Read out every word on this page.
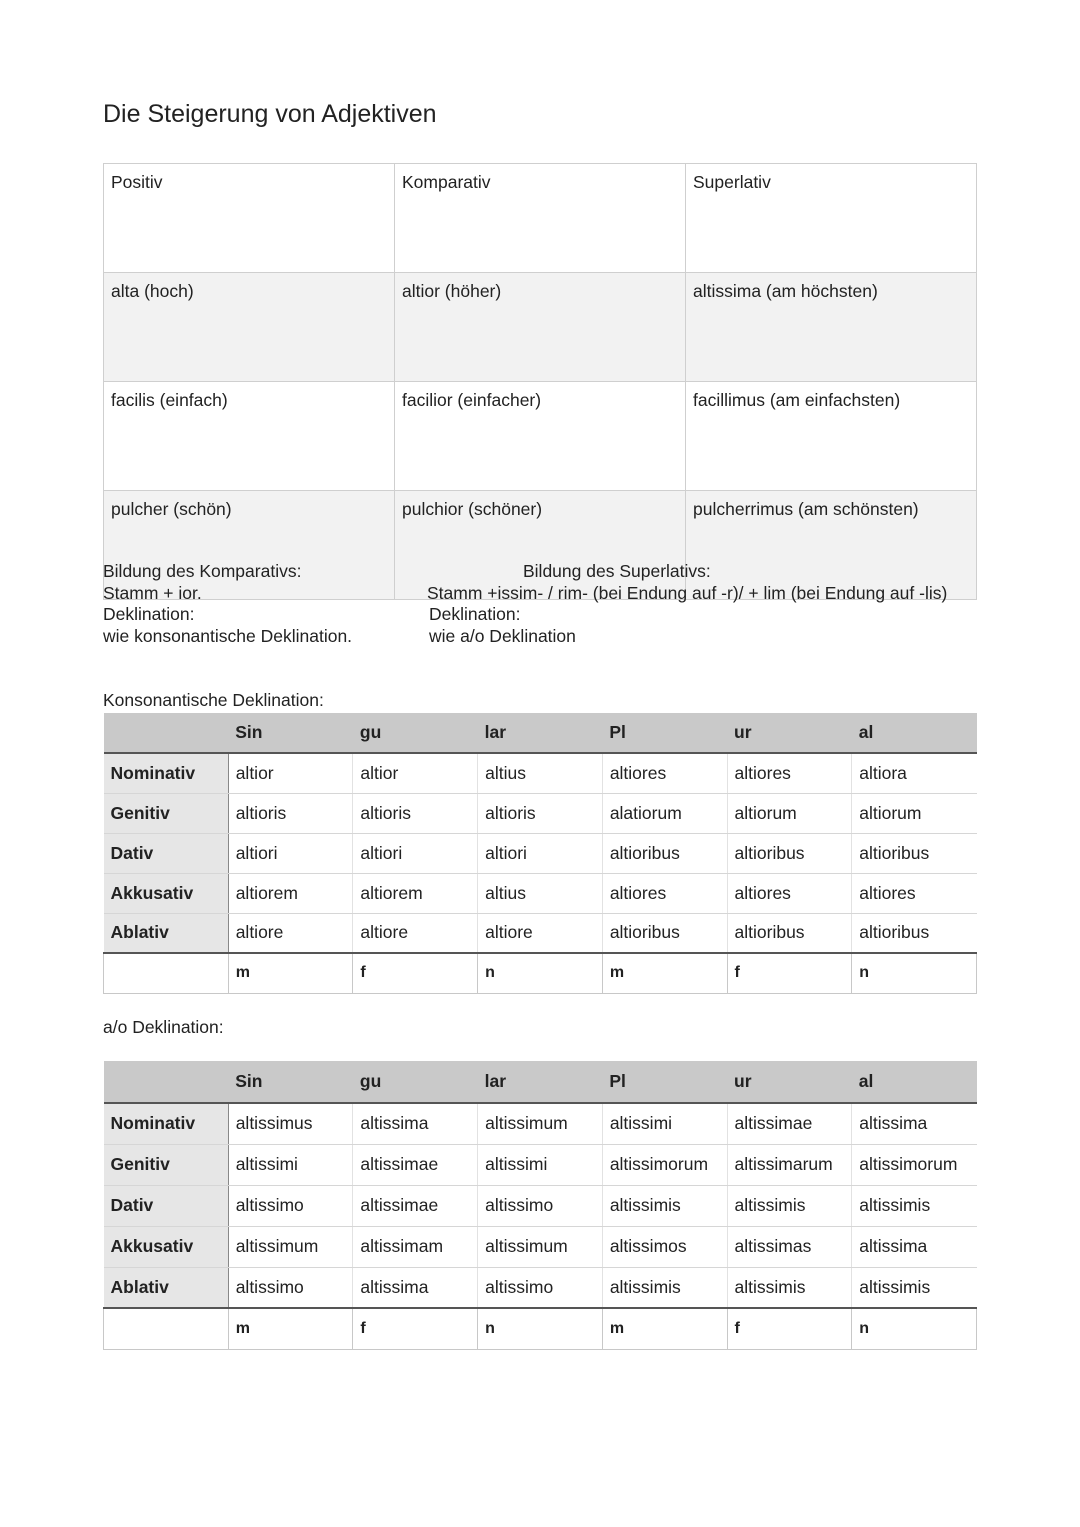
Die Steigerung von Adjektiven
Positiv	Komparativ	Superlativ
alta (hoch)	altior (höher)	altissima (am höchsten)
facilis (einfach)	facilior (einfacher)	facillimus (am einfachsten)
pulcher (schön)	pulchior (schöner)	pulcherrimus (am schönsten)
Bildung des Komparativs:
Stamm + ior.
Deklination:
wie konsonantische Deklination.
Bildung des Superlativs:
Stamm +issim- / rim- (bei Endung auf -r)/ + lim (bei Endung auf -lis)
Deklination:
wie a/o Deklination
Konsonantische Deklination:
	Sin	gu	lar	Pl	ur	al
Nominativ	altior	altior	altius	altiores	altiores	altiora
Genitiv	altioris	altioris	altioris	alatiorum	altiorum	altiorum
Dativ	altiori	altiori	altiori	altioribus	altioribus	altioribus
Akkusativ	altiorem	altiorem	altius	altiores	altiores	altiores
Ablativ	altiore	altiore	altiore	altioribus	altioribus	altioribus
	m	f	n	m	f	n
a/o Deklination:
	Sin	gu	lar	Pl	ur	al
Nominativ	altissimus	altissima	altissimum	altissimi	altissimae	altissima
Genitiv	altissimi	altissimae	altissimi	altissimorum	altissimarum	altissimorum
Dativ	altissimo	altissimae	altissimo	altissimis	altissimis	altissimis
Akkusativ	altissimum	altissimam	altissimum	altissimos	altissimas	altissima
Ablativ	altissimo	altissima	altissimo	altissimis	altissimis	altissimis
	m	f	n	m	f	n
